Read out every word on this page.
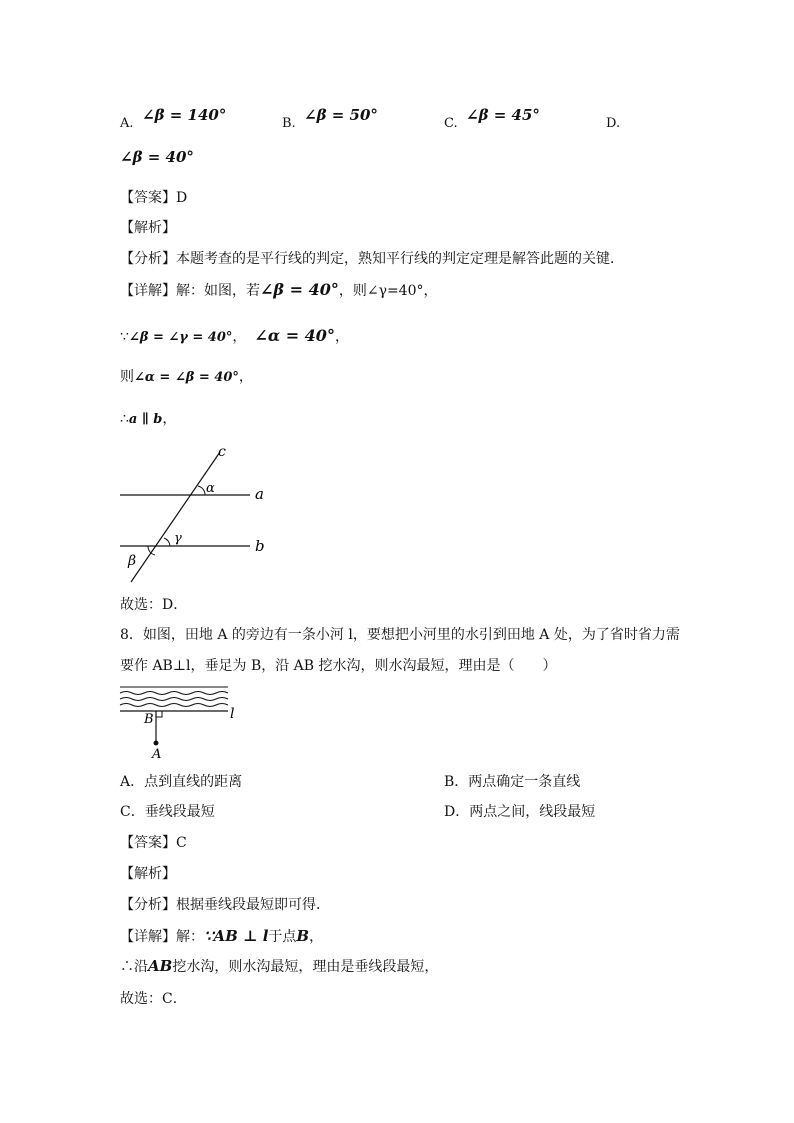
A. ∠β = 140°	B. ∠β = 50°	C. ∠β = 45°	D.
∠β = 40°
【答案】D
【解析】
【分析】本题考查的是平行线的判定，熟知平行线的判定定理是解答此题的关键．
【详解】解：如图，若∠β = 40°，则∠γ=40°，
∵∠β = ∠γ = 40°， ∠α = 40°，
则∠α = ∠β = 40°，
∴a ∥ b，
c
a
b
α
γ
β
故选：D．
8．如图，田地 A 的旁边有一条小河 l，要想把小河里的水引到田地 A 处，为了省时省力需
要作 AB⊥l，垂足为 B，沿 AB 挖水沟，则水沟最短，理由是（　　）
B	l
A
A．点到直线的距离	B．两点确定一条直线
C．垂线段最短	D．两点之间，线段最短
【答案】C
【解析】
【分析】根据垂线段最短即可得．
【详解】解：∵AB ⊥ l于点B，
∴沿AB挖水沟，则水沟最短，理由是垂线段最短，
故选：C．
